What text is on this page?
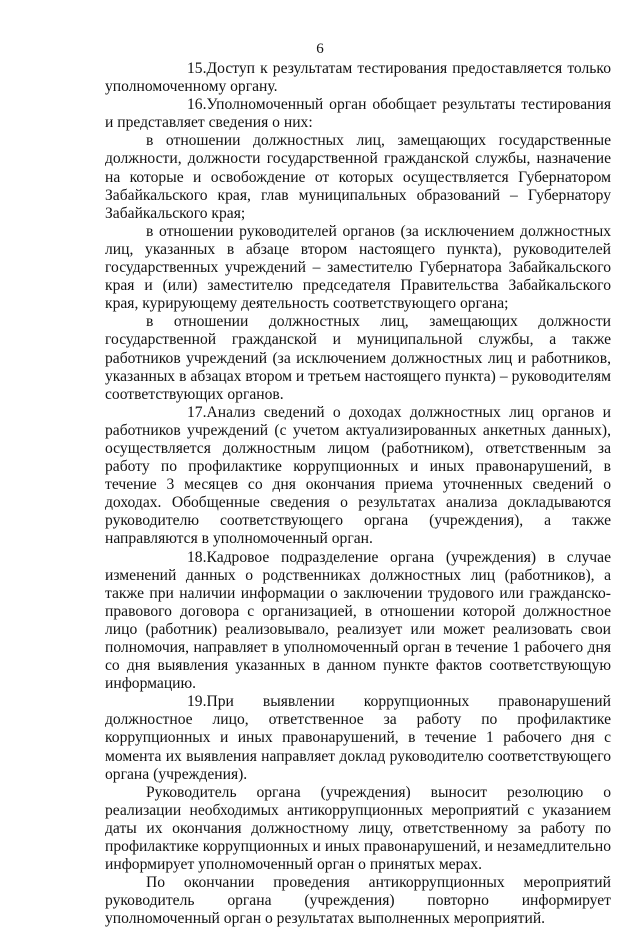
6

15.Доступ к результатам тестирования предоставляется только уполномоченному органу.

16.Уполномоченный орган обобщает результаты тестирования и представляет сведения о них:

в отношении должностных лиц, замещающих государственные должности, должности государственной гражданской службы, назначение на которые и освобождение от которых осуществляется Губернатором Забайкальского края, глав муниципальных образований – Губернатору Забайкальского края;

в отношении руководителей органов (за исключением должностных лиц, указанных в абзаце втором настоящего пункта), руководителей государственных учреждений – заместителю Губернатора Забайкальского края и (или) заместителю председателя Правительства Забайкальского края, курирующему деятельность соответствующего органа;

в отношении должностных лиц, замещающих должности государственной гражданской и муниципальной службы, а также работников учреждений (за исключением должностных лиц и работников, указанных в абзацах втором и третьем настоящего пункта) – руководителям соответствующих органов.

17.Анализ сведений о доходах должностных лиц органов и работников учреждений (с учетом актуализированных анкетных данных), осуществляется должностным лицом (работником), ответственным за работу по профилактике коррупционных и иных правонарушений, в течение 3 месяцев со дня окончания приема уточненных сведений о доходах. Обобщенные сведения о результатах анализа докладываются руководителю соответствующего органа (учреждения), а также направляются в уполномоченный орган.

18.Кадровое подразделение органа (учреждения) в случае изменений данных о родственниках должностных лиц (работников), а также при наличии информации о заключении трудового или гражданско-правового договора с организацией, в отношении которой должностное лицо (работник) реализовывало, реализует или может реализовать свои полномочия, направляет в уполномоченный орган в течение 1 рабочего дня со дня выявления указанных в данном пункте фактов соответствующую информацию.

19.При выявлении коррупционных правонарушений должностное лицо, ответственное за работу по профилактике коррупционных и иных правонарушений, в течение 1 рабочего дня с момента их выявления направляет доклад руководителю соответствующего органа (учреждения).

Руководитель органа (учреждения) выносит резолюцию о реализации необходимых антикоррупционных мероприятий с указанием даты их окончания должностному лицу, ответственному за работу по профилактике коррупционных и иных правонарушений, и незамедлительно информирует уполномоченный орган о принятых мерах.

По окончании проведения антикоррупционных мероприятий руководитель органа (учреждения) повторно информирует уполномоченный орган о результатах выполненных мероприятий.
